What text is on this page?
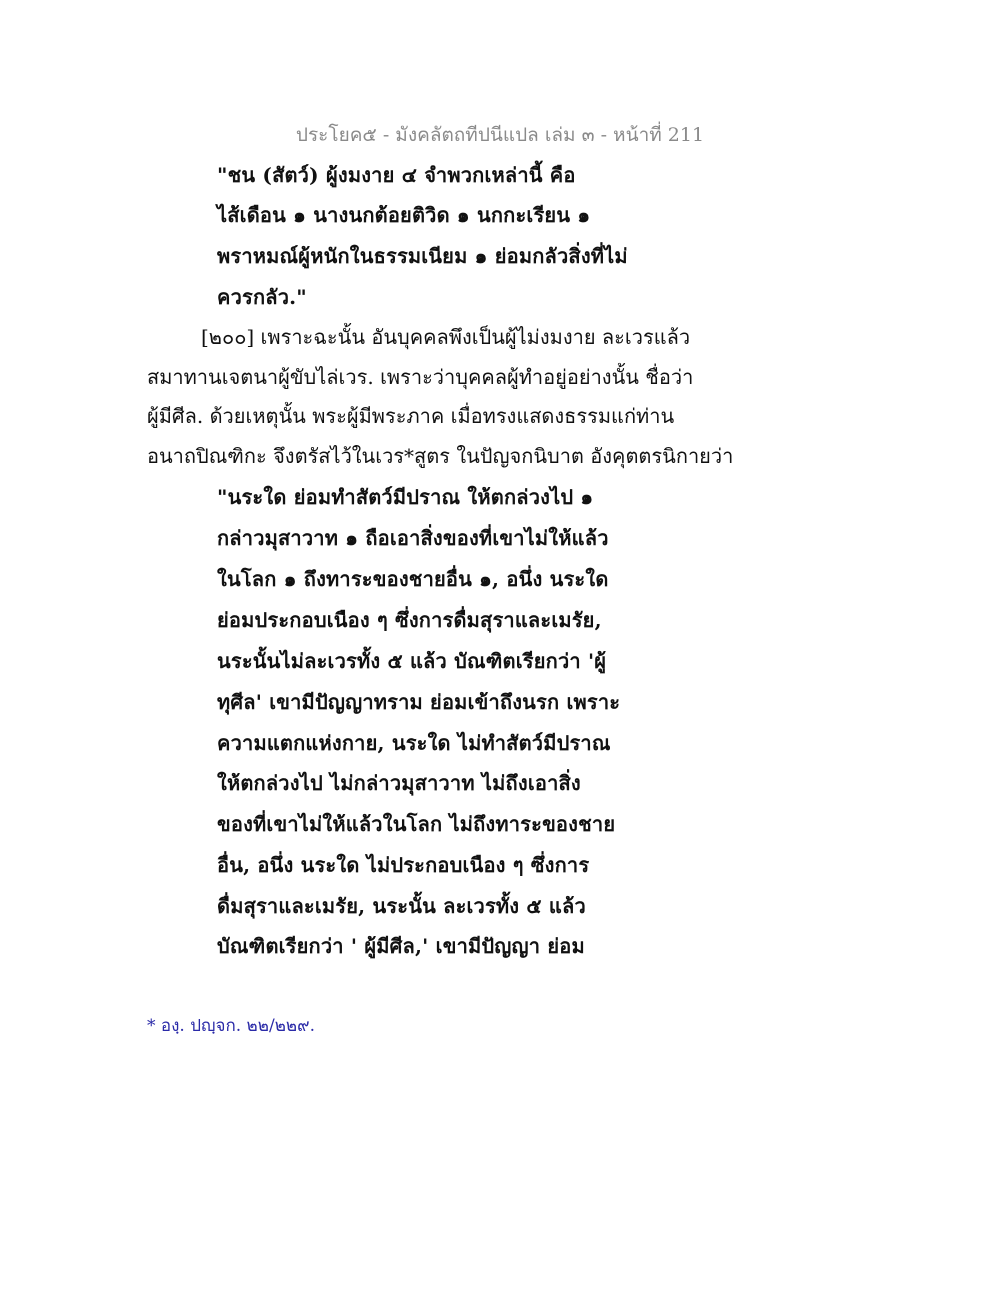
ประโยค๕ - มังคลัตถทีปนีแปล เล่ม ๓ - หน้าที่ 211
"ชน (สัตว์) ผู้งมงาย ๔ จำพวกเหล่านี้ คือ
ไส้เดือน ๑ นางนกต้อยติวิด ๑ นกกะเรียน ๑
พราหมณ์ผู้หนักในธรรมเนียม ๑ ย่อมกลัวสิ่งที่ไม่
ควรกลัว."
[๒๐๐] เพราะฉะนั้น อันบุคคลพึงเป็นผู้ไม่งมงาย ละเวรแล้ว
สมาทานเจตนาผู้ขับไล่เวร. เพราะว่าบุคคลผู้ทำอยู่อย่างนั้น ชื่อว่า
ผู้มีศีล. ด้วยเหตุนั้น พระผู้มีพระภาค เมื่อทรงแสดงธรรมแก่ท่าน
อนาถปิณฑิกะ จึงตรัสไว้ในเวร*สูตร ในปัญจกนิบาต อังคุตตรนิกายว่า
"นระใด ย่อมทำสัตว์มีปราณ ให้ตกล่วงไป ๑
กล่าวมุสาวาท ๑ ถือเอาสิ่งของที่เขาไม่ให้แล้ว
ในโลก ๑ ถึงทาระของชายอื่น ๑, อนึ่ง นระใด
ย่อมประกอบเนือง ๆ ซึ่งการดื่มสุราและเมรัย,
นระนั้นไม่ละเวรทั้ง ๕ แล้ว บัณฑิตเรียกว่า 'ผู้
ทุศีล' เขามีปัญญาทราม ย่อมเข้าถึงนรก เพราะ
ความแตกแห่งกาย, นระใด ไม่ทำสัตว์มีปราณ
ให้ตกล่วงไป ไม่กล่าวมุสาวาท ไม่ถึงเอาสิ่ง
ของที่เขาไม่ให้แล้วในโลก ไม่ถึงทาระของชาย
อื่น, อนึ่ง นระใด ไม่ประกอบเนือง ๆ ซึ่งการ
ดื่มสุราและเมรัย, นระนั้น ละเวรทั้ง ๕ แล้ว
บัณฑิตเรียกว่า ' ผู้มีศีล,' เขามีปัญญา ย่อม
* องฺ. ปญฺจก. ๒๒/๒๒๙.
